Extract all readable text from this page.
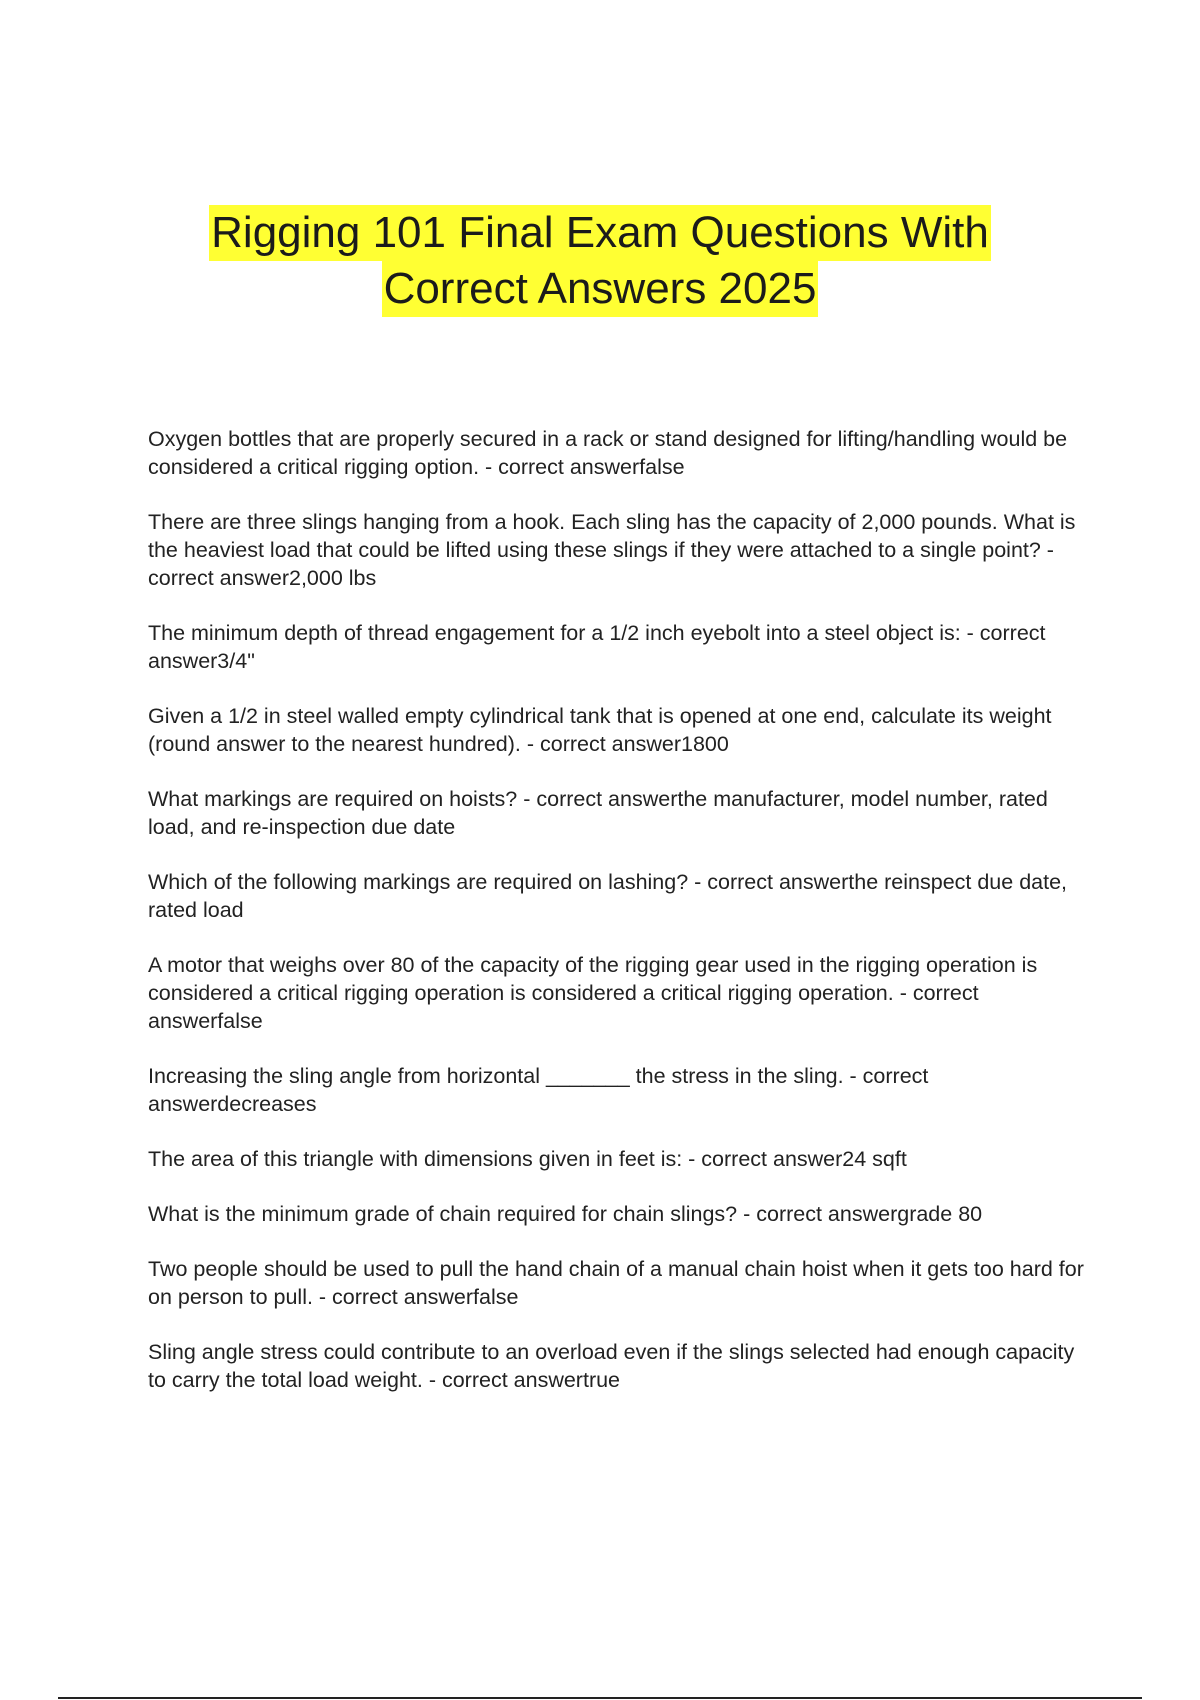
Rigging 101 Final Exam Questions With
Correct Answers 2025

Oxygen bottles that are properly secured in a rack or stand designed for lifting/handling would be considered a critical rigging option. - correct answerfalse

There are three slings hanging from a hook. Each sling has the capacity of 2,000 pounds. What is the heaviest load that could be lifted using these slings if they were attached to a single point? - correct answer2,000 lbs

The minimum depth of thread engagement for a 1/2 inch eyebolt into a steel object is: - correct answer3/4"

Given a 1/2 in steel walled empty cylindrical tank that is opened at one end, calculate its weight (round answer to the nearest hundred). - correct answer1800

What markings are required on hoists? - correct answerthe manufacturer, model number, rated load, and re-inspection due date

Which of the following markings are required on lashing? - correct answerthe reinspect due date, rated load

A motor that weighs over 80 of the capacity of the rigging gear used in the rigging operation is considered a critical rigging operation is considered a critical rigging operation. - correct answerfalse

Increasing the sling angle from horizontal _______ the stress in the sling. - correct answerdecreases

The area of this triangle with dimensions given in feet is: - correct answer24 sqft

What is the minimum grade of chain required for chain slings? - correct answergrade 80

Two people should be used to pull the hand chain of a manual chain hoist when it gets too hard for on person to pull. - correct answerfalse

Sling angle stress could contribute to an overload even if the slings selected had enough capacity to carry the total load weight. - correct answertrue
